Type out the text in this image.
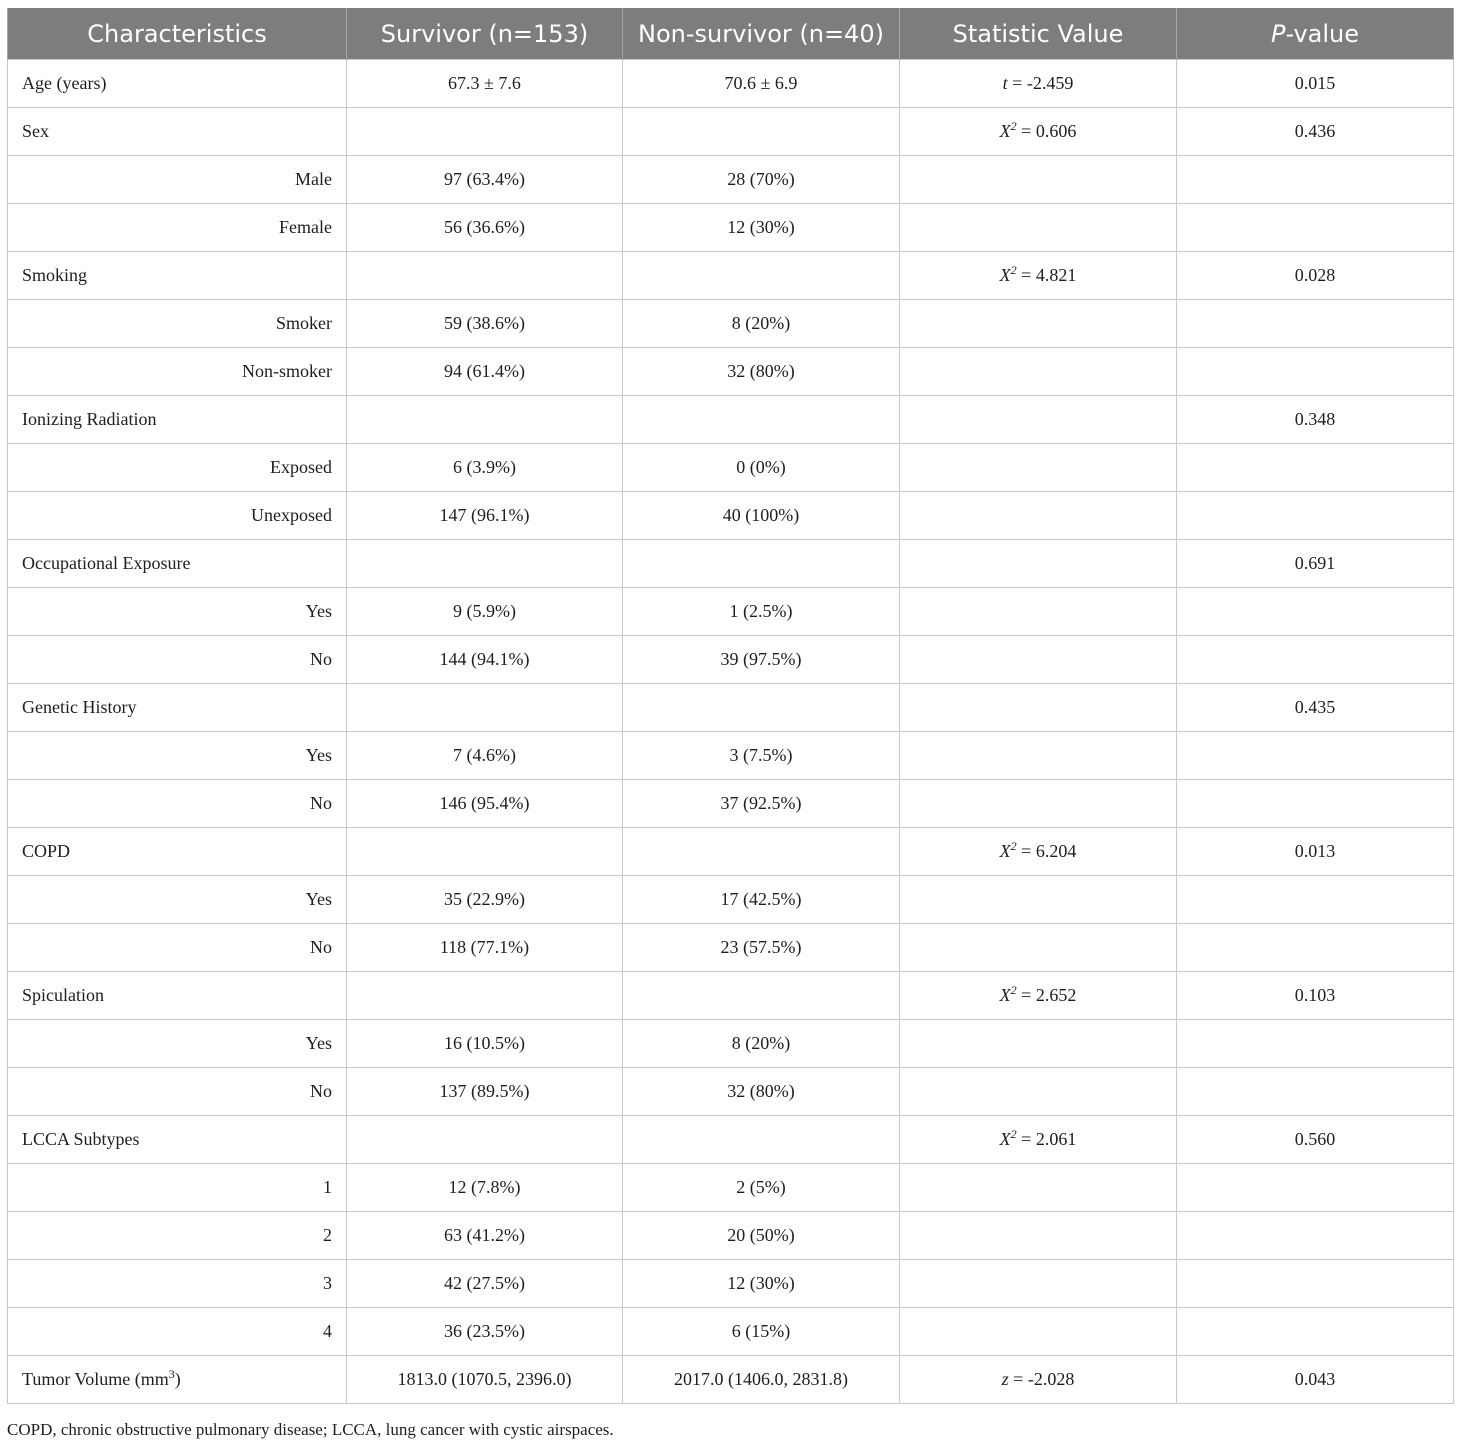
Characteristics	Survivor (n=153)	Non-survivor (n=40)	Statistic Value	P-value
Age (years)	67.3 ± 7.6	70.6 ± 6.9	t = -2.459	0.015
Sex			$X^2 = 0.606$	0.436
Male	97 (63.4%)	28 (70%)		
Female	56 (36.6%)	12 (30%)		
Smoking			$X^2 = 4.821$	0.028
Smoker	59 (38.6%)	8 (20%)		
Non-smoker	94 (61.4%)	32 (80%)		
Ionizing Radiation				0.348
Exposed	6 (3.9%)	0 (0%)		
Unexposed	147 (96.1%)	40 (100%)		
Occupational Exposure				0.691
Yes	9 (5.9%)	1 (2.5%)		
No	144 (94.1%)	39 (97.5%)		
Genetic History				0.435
Yes	7 (4.6%)	3 (7.5%)		
No	146 (95.4%)	37 (92.5%)		
COPD			$X^2 = 6.204$	0.013
Yes	35 (22.9%)	17 (42.5%)		
No	118 (77.1%)	23 (57.5%)		
Spiculation			$X^2 = 2.652$	0.103
Yes	16 (10.5%)	8 (20%)		
No	137 (89.5%)	32 (80%)		
LCCA Subtypes			$X^2 = 2.061$	0.560
1	12 (7.8%)	2 (5%)		
2	63 (41.2%)	20 (50%)		
3	42 (27.5%)	12 (30%)		
4	36 (23.5%)	6 (15%)		
Tumor Volume $(mm^3)$	1813.0 (1070.5, 2396.0)	2017.0 (1406.0, 2831.8)	z = -2.028	0.043
COPD, chronic obstructive pulmonary disease; LCCA, lung cancer with cystic airspaces.
